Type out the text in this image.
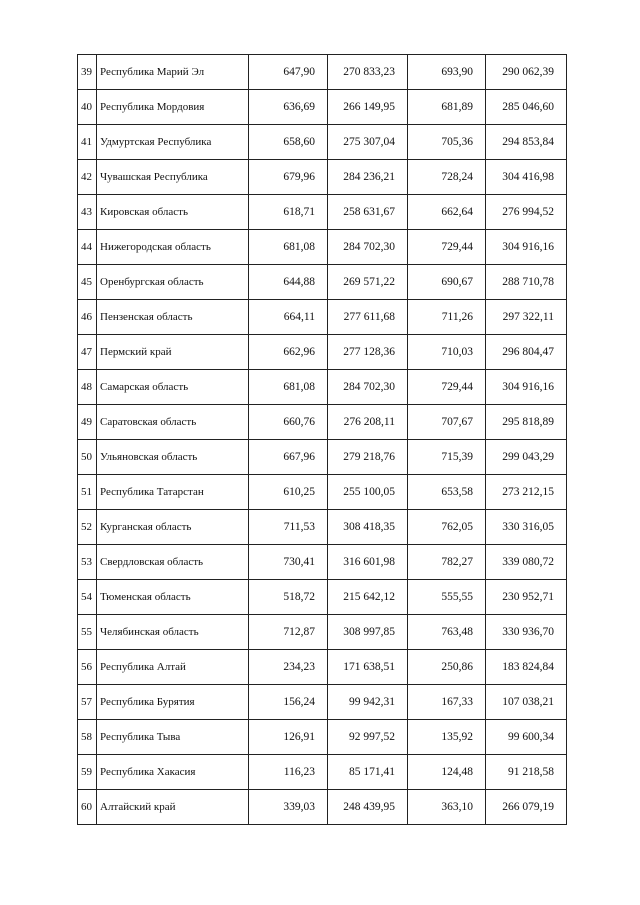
39	Республика Марий Эл	647,90	270 833,23	693,90	290 062,39
40	Республика Мордовия	636,69	266 149,95	681,89	285 046,60
41	Удмуртская Республика	658,60	275 307,04	705,36	294 853,84
42	Чувашская Республика	679,96	284 236,21	728,24	304 416,98
43	Кировская область	618,71	258 631,67	662,64	276 994,52
44	Нижегородская область	681,08	284 702,30	729,44	304 916,16
45	Оренбургская область	644,88	269 571,22	690,67	288 710,78
46	Пензенская область	664,11	277 611,68	711,26	297 322,11
47	Пермский край	662,96	277 128,36	710,03	296 804,47
48	Самарская область	681,08	284 702,30	729,44	304 916,16
49	Саратовская область	660,76	276 208,11	707,67	295 818,89
50	Ульяновская область	667,96	279 218,76	715,39	299 043,29
51	Республика Татарстан	610,25	255 100,05	653,58	273 212,15
52	Курганская область	711,53	308 418,35	762,05	330 316,05
53	Свердловская область	730,41	316 601,98	782,27	339 080,72
54	Тюменская область	518,72	215 642,12	555,55	230 952,71
55	Челябинская область	712,87	308 997,85	763,48	330 936,70
56	Республика Алтай	234,23	171 638,51	250,86	183 824,84
57	Республика Бурятия	156,24	99 942,31	167,33	107 038,21
58	Республика Тыва	126,91	92 997,52	135,92	99 600,34
59	Республика Хакасия	116,23	85 171,41	124,48	91 218,58
60	Алтайский край	339,03	248 439,95	363,10	266 079,19
